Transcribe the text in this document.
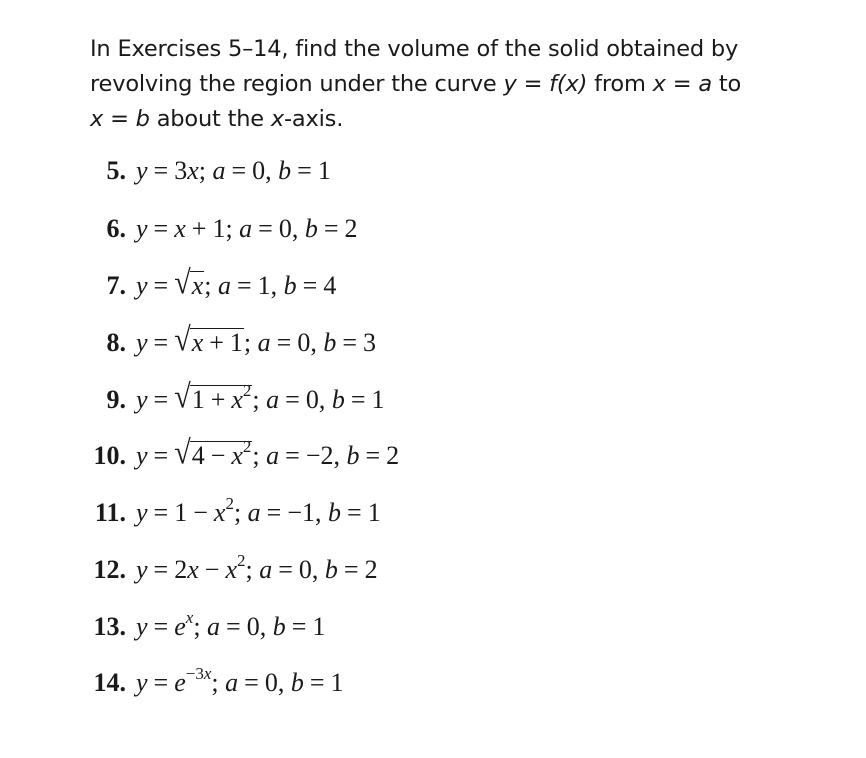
In Exercises 5–14, find the volume of the solid obtained by
revolving the region under the curve y = f(x) from x = a to
x = b about the x-axis.
5. y = 3x; a = 0, b = 1
6. y = x + 1; a = 0, b = 2
7. y = √ x ; a = 1, b = 4
8. y = √ x + 1 ; a = 0, b = 3
9. y = √ $1 + x^2$ ; a = 0, b = 1
10. y = √ $4 - x^2$ ; a = −2, b = 2
11. $y = 1 - x^2$; a = −1, b = 1
12. $y = 2x - x^2$; a = 0, b = 2
13. $y = e^x$; a = 0, b = 1
14. $y = e^{-3x}$; a = 0, b = 1
